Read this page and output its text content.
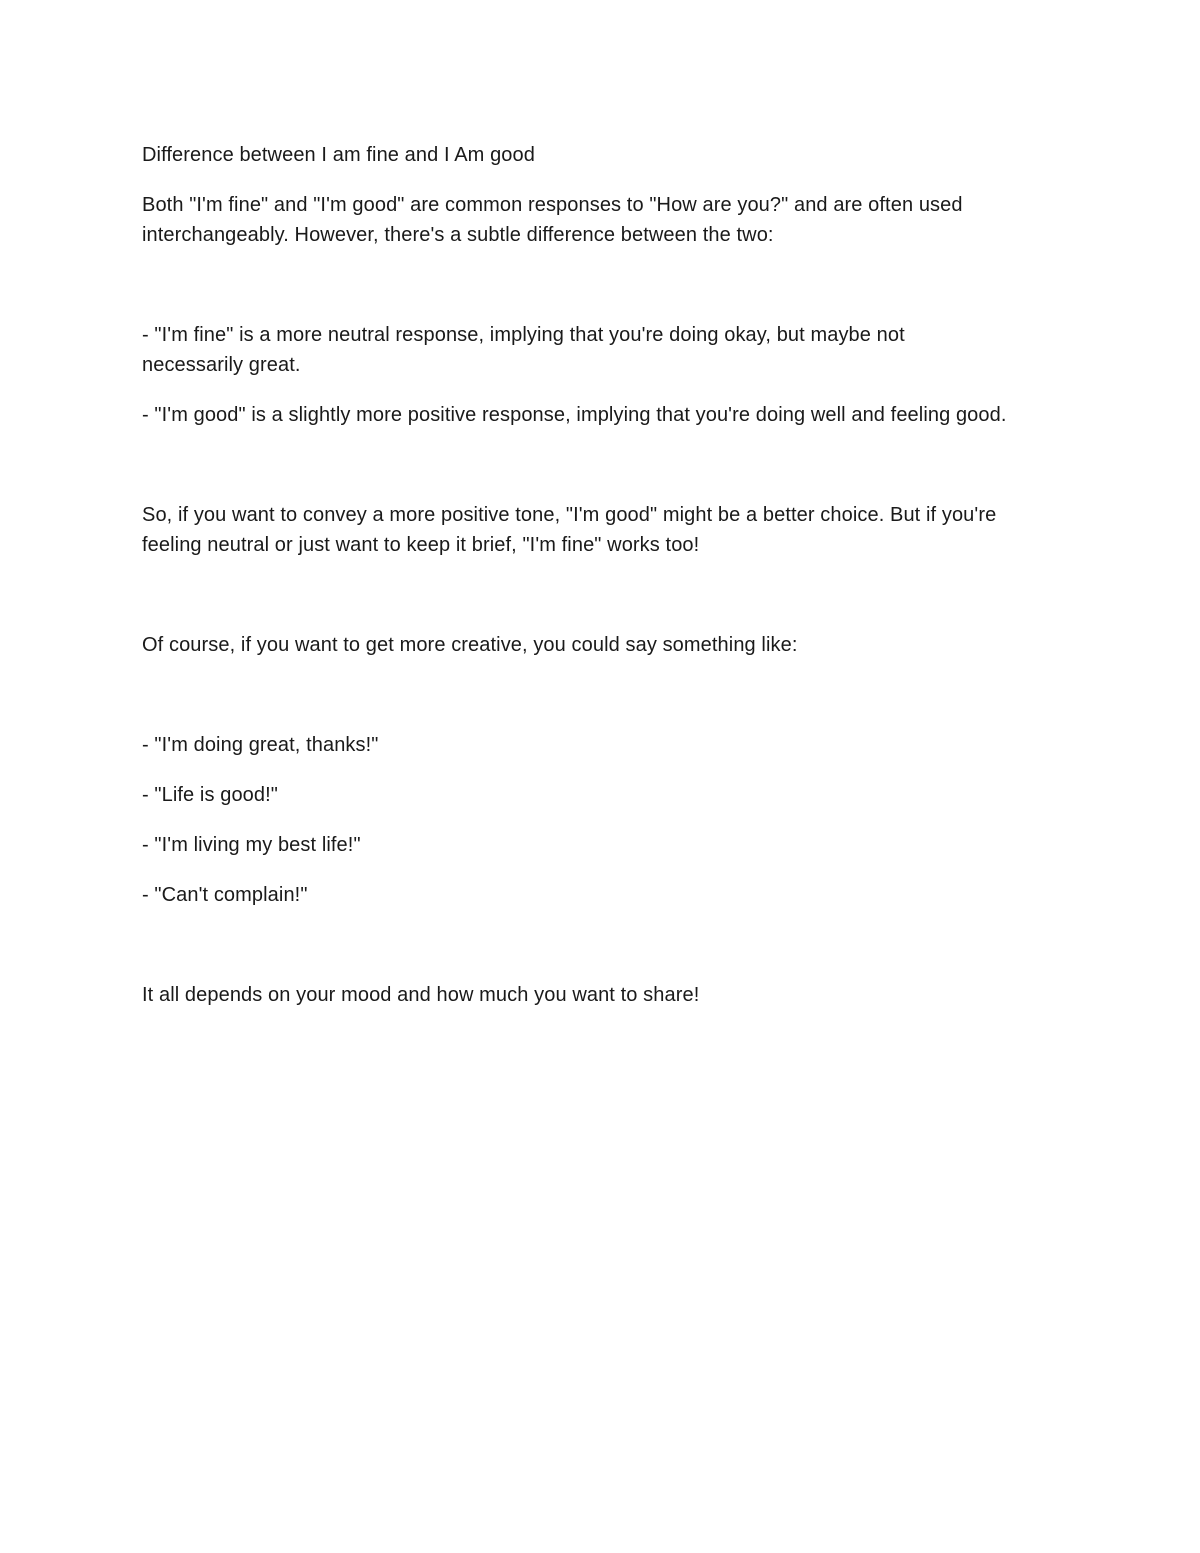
Difference between I am fine and I Am good

Both "I'm fine" and "I'm good" are common responses to "How are you?" and are often used

interchangeably. However, there's a subtle difference between the two:

- "I'm fine" is a more neutral response, implying that you're doing okay, but maybe not

necessarily great.

- "I'm good" is a slightly more positive response, implying that you're doing well and feeling good.

So, if you want to convey a more positive tone, "I'm good" might be a better choice. But if you're

feeling neutral or just want to keep it brief, "I'm fine" works too!

Of course, if you want to get more creative, you could say something like:

- "I'm doing great, thanks!"

- "Life is good!"

- "I'm living my best life!"

- "Can't complain!"

It all depends on your mood and how much you want to share!
